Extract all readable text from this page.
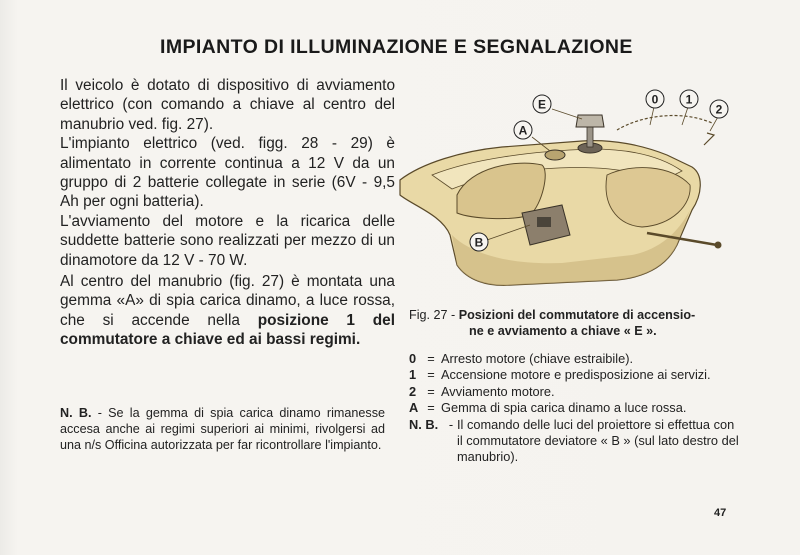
IMPIANTO DI ILLUMINAZIONE E SEGNALAZIONE

Il veicolo è dotato di dispositivo di avviamento elettrico (con comando a chiave al centro del manubrio ved. fig. 27).

L'impianto elettrico (ved. figg. 28 - 29) è alimentato in corrente continua a 12 V da un gruppo di 2 batterie collegate in serie (6V - 9,5 Ah per ogni batteria).

L'avviamento del motore e la ricarica delle suddette batterie sono realizzati per mezzo di un dinamotore da 12 V - 70 W.

Al centro del manubrio (fig. 27) è montata una gemma «A» di spia carica dinamo, a luce rossa, che si accende nella posizione 1 del commutatore a chiave ed ai bassi regimi.

N. B. - Se la gemma di spia carica dinamo rimanesse accesa anche ai regimi superiori ai minimi, rivolgersi ad una n/s Officina autorizzata per far ricontrollare l'impianto.
E
A
B
0 1
2
Fig. 27 - Posizioni del commutatore di accensio-
ne e avviamento a chiave « E ».
0 = Arresto motore (chiave estraibile).
1 = Accensione motore e predisposizione ai servizi.
2 = Avviamento motore.
A = Gemma di spia carica dinamo a luce rossa.
N. B. - Il comando delle luci del proiettore si effettua con il commutatore deviatore « B » (sul lato destro del manubrio).
47
